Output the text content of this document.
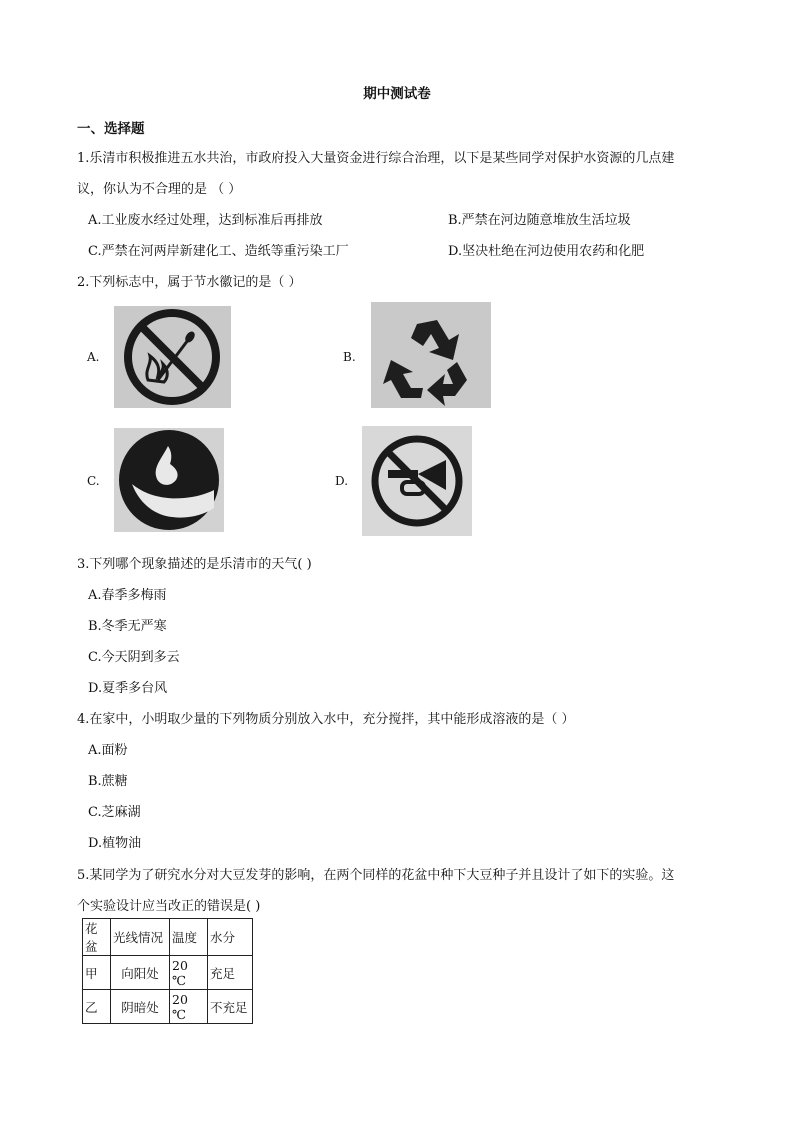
期中测试卷
一、选择题
1.乐清市积极推进五水共治，市政府投入大量资金进行综合治理，以下是某些同学对保护水资源的几点建
议，你认为不合理的是 （ ）
A.工业废水经过处理，达到标准后再排放	B.严禁在河边随意堆放生活垃圾
C.严禁在河两岸新建化工、造纸等重污染工厂	D.坚决杜绝在河边使用农药和化肥
2.下列标志中，属于节水徽记的是（ ）
A.	B.
C.	D.
3.下列哪个现象描述的是乐清市的天气( )
A.春季多梅雨
B.冬季无严寒
C.今天阴到多云
D.夏季多台风
4.在家中，小明取少量的下列物质分别放入水中，充分搅拌，其中能形成溶液的是（ ）
A.面粉
B.蔗糖
C.芝麻湖
D.植物油
5.某同学为了研究水分对大豆发芽的影响，在两个同样的花盆中种下大豆种子并且设计了如下的实验。这
个实验设计应当改正的错误是( )
花盆	光线情况	温度	水分
甲	向阳处	20 ℃	充足
乙	阴暗处	20 ℃	不充足
